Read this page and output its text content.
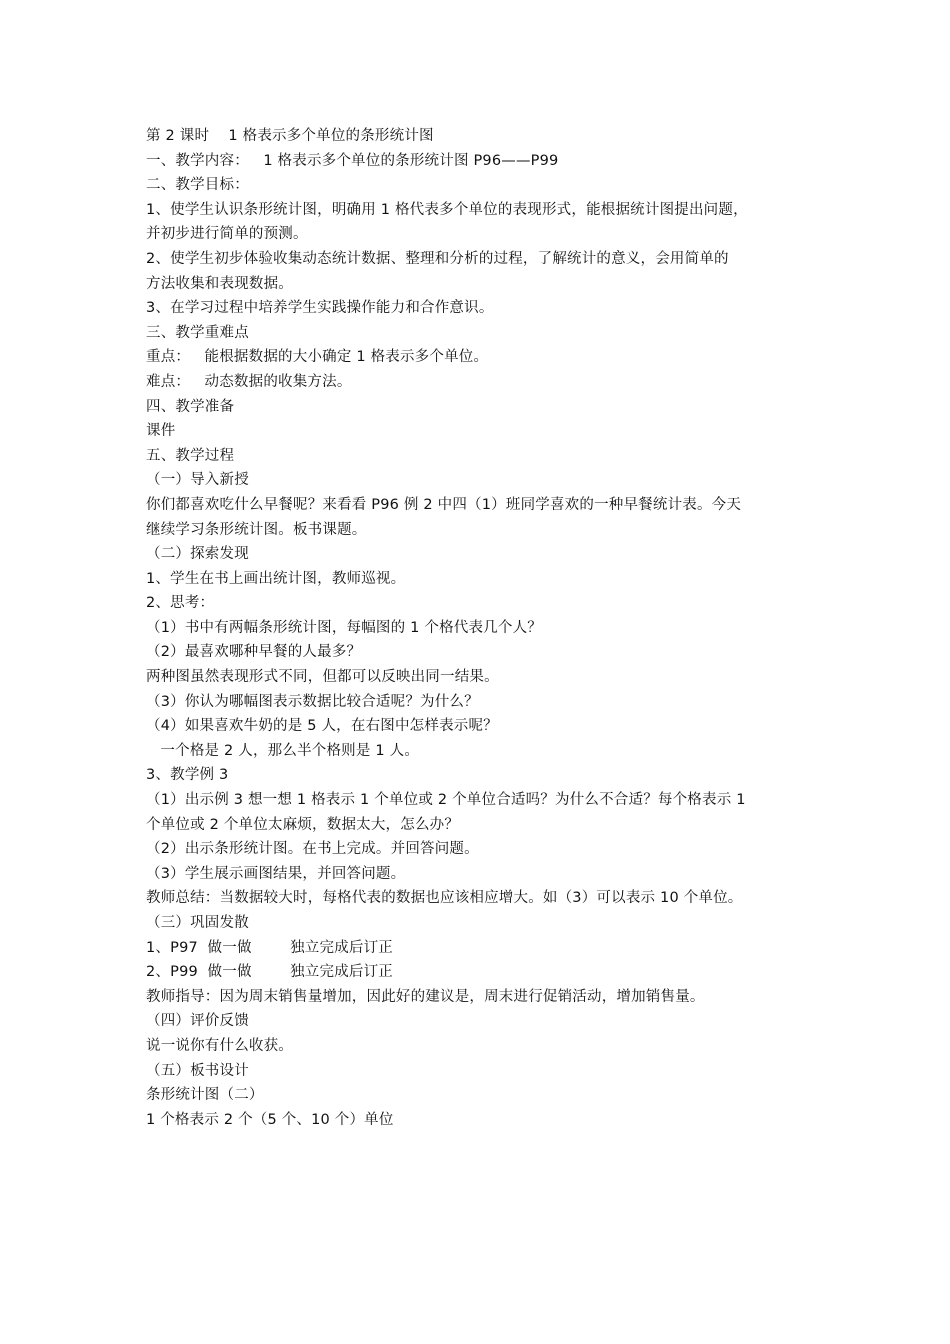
第 2 课时    1 格表示多个单位的条形统计图
一、教学内容：   1 格表示多个单位的条形统计图 P96——P99
二、教学目标：
1、使学生认识条形统计图，明确用 1 格代表多个单位的表现形式，能根据统计图提出问题，
并初步进行简单的预测。
2、使学生初步体验收集动态统计数据、整理和分析的过程，了解统计的意义，会用简单的
方法收集和表现数据。
3、在学习过程中培养学生实践操作能力和合作意识。
三、教学重难点
重点：   能根据数据的大小确定 1 格表示多个单位。
难点：   动态数据的收集方法。
四、教学准备
课件
五、教学过程
（一）导入新授
你们都喜欢吃什么早餐呢？来看看 P96 例 2 中四（1）班同学喜欢的一种早餐统计表。今天
继续学习条形统计图。板书课题。
（二）探索发现
1、学生在书上画出统计图，教师巡视。
2、思考：
（1）书中有两幅条形统计图，每幅图的 1 个格代表几个人？
（2）最喜欢哪种早餐的人最多？
两种图虽然表现形式不同，但都可以反映出同一结果。
（3）你认为哪幅图表示数据比较合适呢？为什么？
（4）如果喜欢牛奶的是 5 人，在右图中怎样表示呢？
一个格是 2 人，那么半个格则是 1 人。
3、教学例 3
（1）出示例 3 想一想 1 格表示 1 个单位或 2 个单位合适吗？为什么不合适？每个格表示 1
个单位或 2 个单位太麻烦，数据太大，怎么办？
（2）出示条形统计图。在书上完成。并回答问题。
（3）学生展示画图结果，并回答问题。
教师总结：当数据较大时，每格代表的数据也应该相应增大。如（3）可以表示 10 个单位。
（三）巩固发散
1、P97  做一做        独立完成后订正
2、P99  做一做        独立完成后订正
教师指导：因为周末销售量增加，因此好的建议是，周末进行促销活动，增加销售量。
（四）评价反馈
说一说你有什么收获。
（五）板书设计
条形统计图（二）
1 个格表示 2 个（5 个、10 个）单位
